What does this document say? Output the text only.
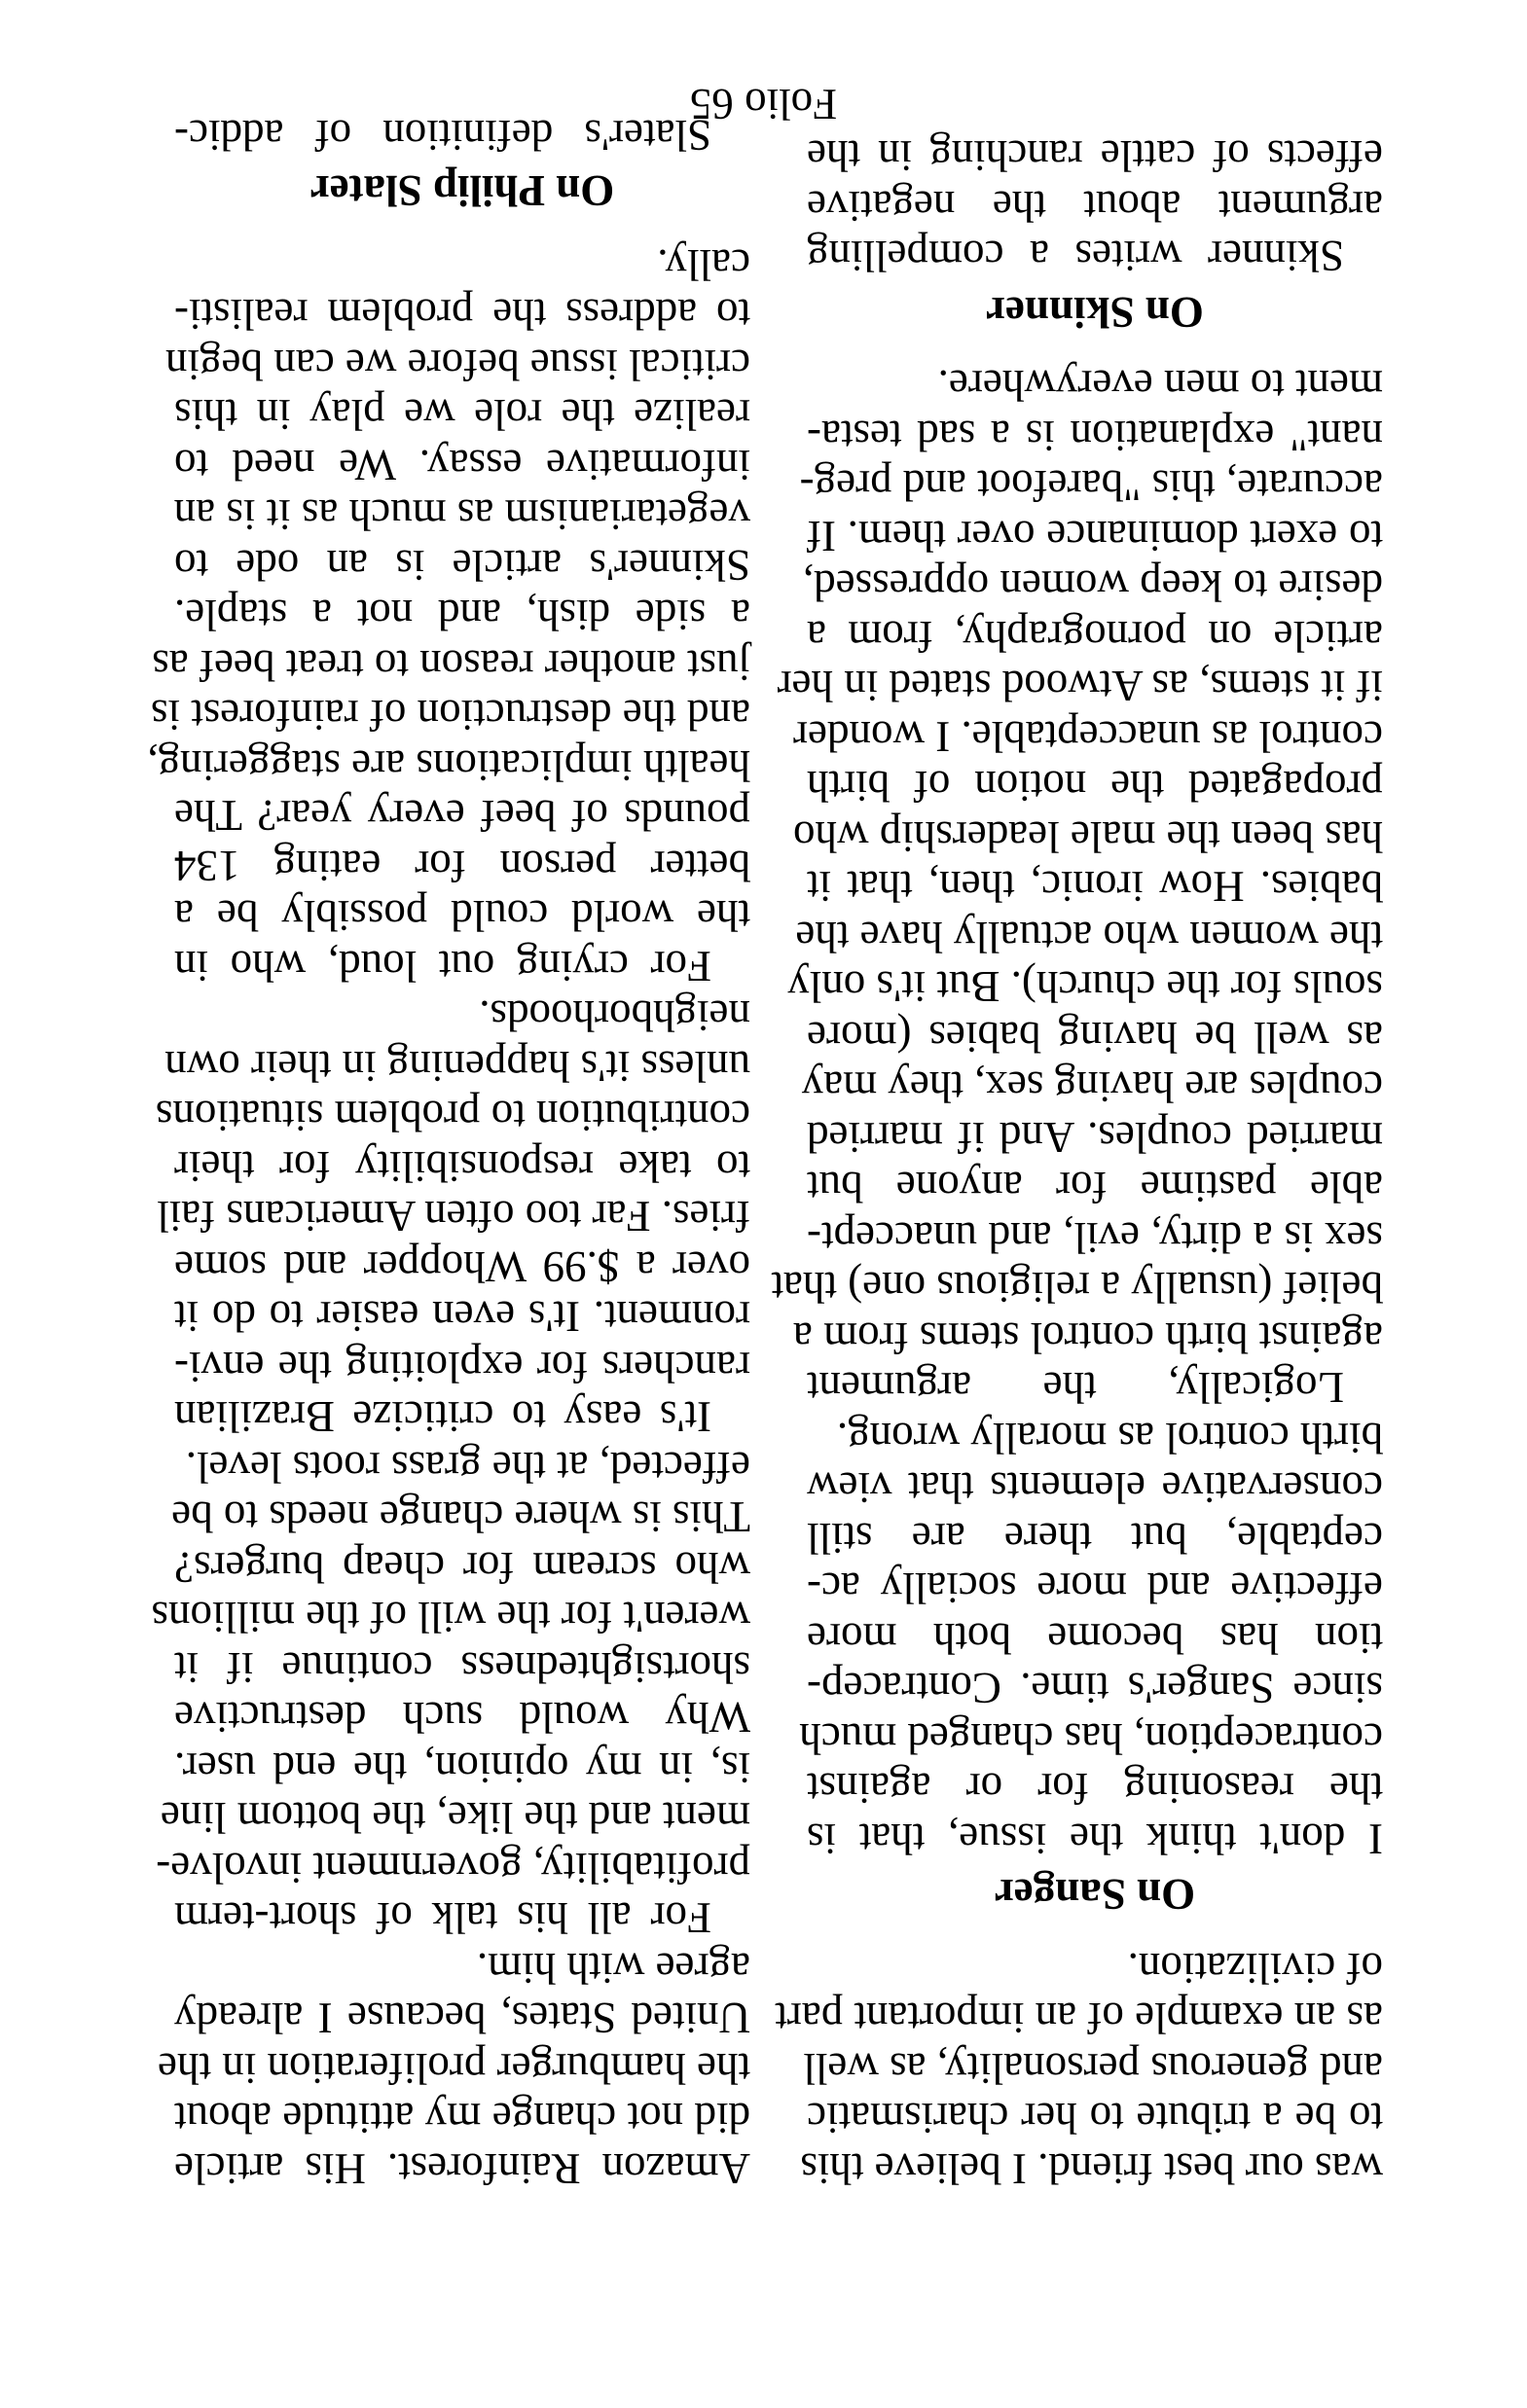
was our best friend. I believe this
to be a tribute to her charismatic
and generous personality, as well
as an example of an important part
of civilization.
On Sanger
I don't think the issue, that is
the reasoning for or against
contraception, has changed much
since Sanger's time. Contracep-
tion has become both more
effective and more socially ac-
ceptable, but there are still
conservative elements that view
birth control as morally wrong.
Logically, the argument
against birth control stems from a
belief (usually a religious one) that
sex is a dirty, evil, and unaccept-
able pastime for anyone but
married couples. And if married
couples are having sex, they may
as well be having babies (more
souls for the church). But it's only
the women who actually have the
babies. How ironic, then, that it
has been the male leadership who
propagated the notion of birth
control as unacceptable. I wonder
if it stems, as Atwood stated in her
article on pornography, from a
desire to keep women oppressed,
to exert dominance over them. If
accurate, this "barefoot and preg-
nant" explanation is a sad testa-
ment to men everywhere.
On Skinner
Skinner writes a compelling
argument about the negative
effects of cattle ranching in the
Amazon Rainforest. His article
did not change my attitude about
the hamburger proliferation in the
United States, because I already
agree with him.
For all his talk of short-term
profitability, government involve-
ment and the like, the bottom line
is, in my opinion, the end user.
Why would such destructive
shortsightedness continue if it
weren't for the will of the millions
who scream for cheap burgers?
This is where change needs to be
effected, at the grass roots level.
It's easy to criticize Brazilian
ranchers for exploiting the envi-
ronment. It's even easier to do it
over a $.99 Whopper and some
fries. Far too often Americans fail
to take responsibility for their
contribution to problem situations
unless it's happening in their own
neighborhoods.
For crying out loud, who in
the world could possibly be a
better person for eating 134
pounds of beef every year? The
health implications are staggering,
and the destruction of rainforest is
just another reason to treat beef as
a side dish, and not a staple.
Skinner's article is an ode to
vegetarianism as much as it is an
informative essay. We need to
realize the role we play in this
critical issue before we can begin
to address the problem realisti-
cally.
On Philip Slater
Slater's definition of addic-
Folio 65
